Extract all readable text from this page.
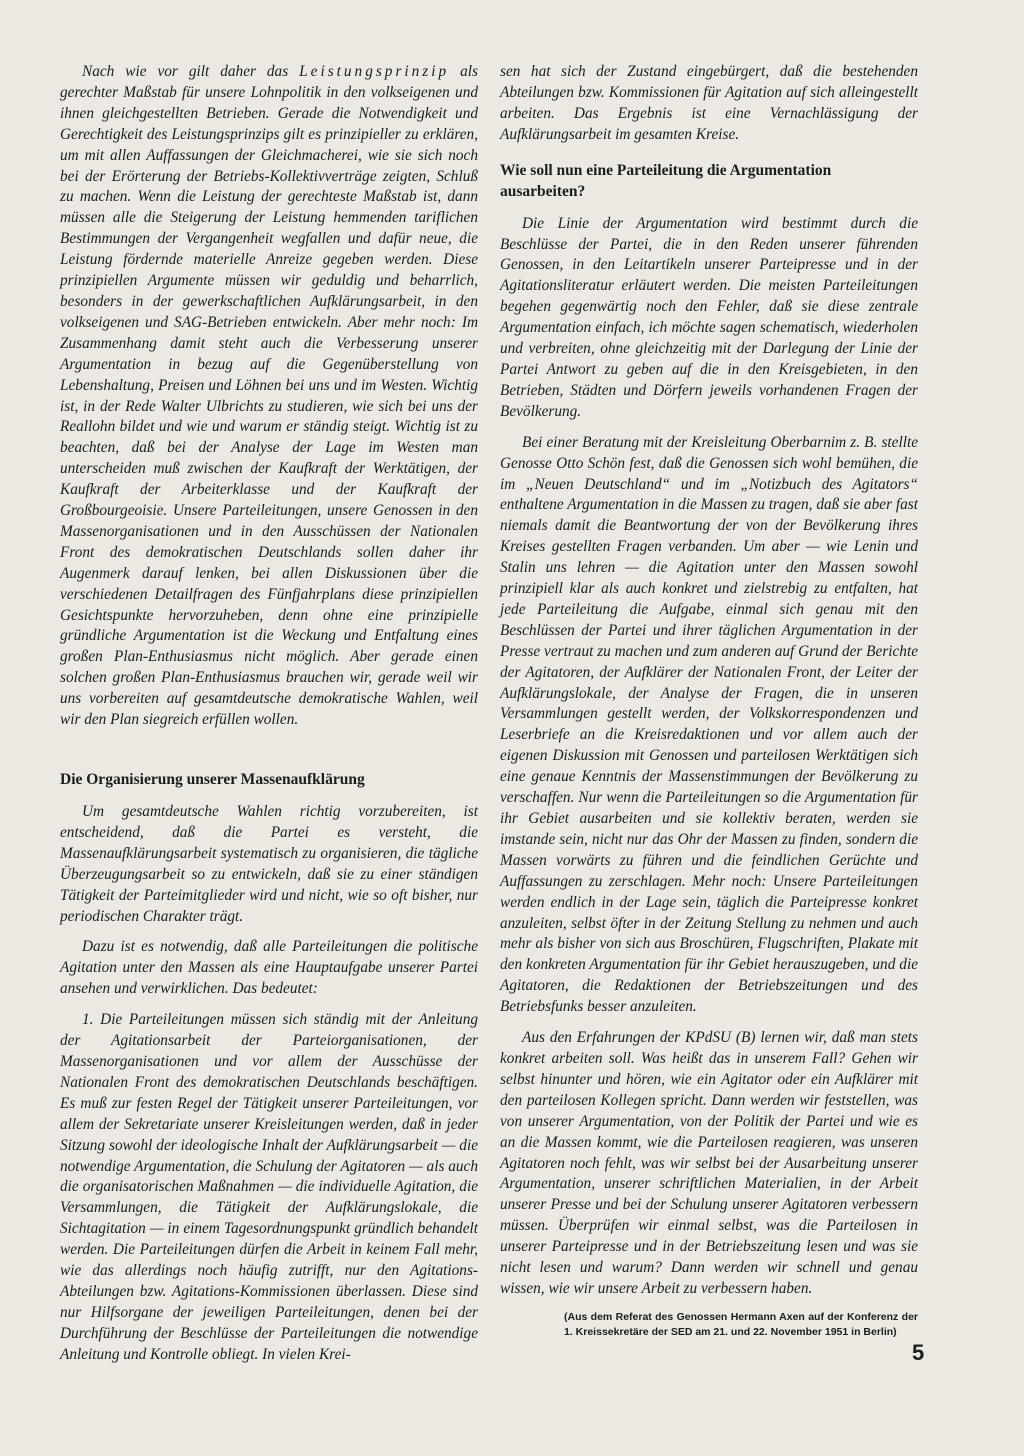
Nach wie vor gilt daher das Leistungsprinzip als gerechter Maßstab für unsere Lohnpolitik in den volkseigenen und ihnen gleichgestellten Betrieben. Gerade die Notwendigkeit und Gerechtigkeit des Leistungsprinzips gilt es prinzipieller zu erklären, um mit allen Auffassungen der Gleichmacherei, wie sie sich noch bei der Erörterung der Betriebs-Kollektivverträge zeigten, Schluß zu machen. Wenn die Leistung der gerechteste Maßstab ist, dann müssen alle die Steigerung der Leistung hemmenden tariflichen Bestimmungen der Vergangenheit wegfallen und dafür neue, die Leistung fördernde materielle Anreize gegeben werden. Diese prinzipiellen Argumente müssen wir geduldig und beharrlich, besonders in der gewerkschaftlichen Aufklärungsarbeit, in den volkseigenen und SAG-Betrieben entwickeln. Aber mehr noch: Im Zusammenhang damit steht auch die Verbesserung unserer Argumentation in bezug auf die Gegenüberstellung von Lebenshaltung, Preisen und Löhnen bei uns und im Westen. Wichtig ist, in der Rede Walter Ulbrichts zu studieren, wie sich bei uns der Reallohn bildet und wie und warum er ständig steigt. Wichtig ist zu beachten, daß bei der Analyse der Lage im Westen man unterscheiden muß zwischen der Kaufkraft der Werktätigen, der Kaufkraft der Arbeiterklasse und der Kaufkraft der Großbourgeoisie. Unsere Parteileitungen, unsere Genossen in den Massenorganisationen und in den Ausschüssen der Nationalen Front des demokratischen Deutschlands sollen daher ihr Augenmerk darauf lenken, bei allen Diskussionen über die verschiedenen Detailfragen des Fünfjahrplans diese prinzipiellen Gesichtspunkte hervorzuheben, denn ohne eine prinzipielle gründliche Argumentation ist die Weckung und Entfaltung eines großen Plan-Enthusiasmus nicht möglich. Aber gerade einen solchen großen Plan-Enthusiasmus brauchen wir, gerade weil wir uns vorbereiten auf gesamtdeutsche demokratische Wahlen, weil wir den Plan siegreich erfüllen wollen.

Die Organisierung unserer Massenaufklärung

Um gesamtdeutsche Wahlen richtig vorzubereiten, ist entscheidend, daß die Partei es versteht, die Massenaufklärungsarbeit systematisch zu organisieren, die tägliche Überzeugungsarbeit so zu entwickeln, daß sie zu einer ständigen Tätigkeit der Parteimitglieder wird und nicht, wie so oft bisher, nur periodischen Charakter trägt.

Dazu ist es notwendig, daß alle Parteileitungen die politische Agitation unter den Massen als eine Hauptaufgabe unserer Partei ansehen und verwirklichen. Das bedeutet:

1. Die Parteileitungen müssen sich ständig mit der Anleitung der Agitationsarbeit der Parteiorganisationen, der Massenorganisationen und vor allem der Ausschüsse der Nationalen Front des demokratischen Deutschlands beschäftigen. Es muß zur festen Regel der Tätigkeit unserer Parteileitungen, vor allem der Sekretariate unserer Kreisleitungen werden, daß in jeder Sitzung sowohl der ideologische Inhalt der Aufklärungsarbeit — die notwendige Argumentation, die Schulung der Agitatoren — als auch die organisatorischen Maßnahmen — die individuelle Agitation, die Versammlungen, die Tätigkeit der Aufklärungslokale, die Sichtagitation — in einem Tagesordnungspunkt gründlich behandelt werden. Die Parteileitungen dürfen die Arbeit in keinem Fall mehr, wie das allerdings noch häufig zutrifft, nur den Agitations-Abteilungen bzw. Agitations-Kommissionen überlassen. Diese sind nur Hilfsorgane der jeweiligen Parteileitungen, denen bei der Durchführung der Beschlüsse der Parteileitungen die notwendige Anleitung und Kontrolle obliegt. In vielen Krei-

sen hat sich der Zustand eingebürgert, daß die bestehenden Abteilungen bzw. Kommissionen für Agitation auf sich alleingestellt arbeiten. Das Ergebnis ist eine Vernachlässigung der Aufklärungsarbeit im gesamten Kreise.

Wie soll nun eine Parteileitung die Argumentation ausarbeiten?

Die Linie der Argumentation wird bestimmt durch die Beschlüsse der Partei, die in den Reden unserer führenden Genossen, in den Leitartikeln unserer Parteipresse und in der Agitationsliteratur erläutert werden. Die meisten Parteileitungen begehen gegenwärtig noch den Fehler, daß sie diese zentrale Argumentation einfach, ich möchte sagen schematisch, wiederholen und verbreiten, ohne gleichzeitig mit der Darlegung der Linie der Partei Antwort zu geben auf die in den Kreisgebieten, in den Betrieben, Städten und Dörfern jeweils vorhandenen Fragen der Bevölkerung.

Bei einer Beratung mit der Kreisleitung Oberbarnim z. B. stellte Genosse Otto Schön fest, daß die Genossen sich wohl bemühen, die im „Neuen Deutschland“ und im „Notizbuch des Agitators“ enthaltene Argumentation in die Massen zu tragen, daß sie aber fast niemals damit die Beantwortung der von der Bevölkerung ihres Kreises gestellten Fragen verbanden. Um aber — wie Lenin und Stalin uns lehren — die Agitation unter den Massen sowohl prinzipiell klar als auch konkret und zielstrebig zu entfalten, hat jede Parteileitung die Aufgabe, einmal sich genau mit den Beschlüssen der Partei und ihrer täglichen Argumentation in der Presse vertraut zu machen und zum anderen auf Grund der Berichte der Agitatoren, der Aufklärer der Nationalen Front, der Leiter der Aufklärungslokale, der Analyse der Fragen, die in unseren Versammlungen gestellt werden, der Volkskorrespondenzen und Leserbriefe an die Kreisredaktionen und vor allem auch der eigenen Diskussion mit Genossen und parteilosen Werktätigen sich eine genaue Kenntnis der Massenstimmungen der Bevölkerung zu verschaffen. Nur wenn die Parteileitungen so die Argumentation für ihr Gebiet ausarbeiten und sie kollektiv beraten, werden sie imstande sein, nicht nur das Ohr der Massen zu finden, sondern die Massen vorwärts zu führen und die feindlichen Gerüchte und Auffassungen zu zerschlagen. Mehr noch: Unsere Parteileitungen werden endlich in der Lage sein, täglich die Parteipresse konkret anzuleiten, selbst öfter in der Zeitung Stellung zu nehmen und auch mehr als bisher von sich aus Broschüren, Flugschriften, Plakate mit den konkreten Argumentation für ihr Gebiet herauszugeben, und die Agitatoren, die Redaktionen der Betriebszeitungen und des Betriebsfunks besser anzuleiten.

Aus den Erfahrungen der KPdSU (B) lernen wir, daß man stets konkret arbeiten soll. Was heißt das in unserem Fall? Gehen wir selbst hinunter und hören, wie ein Agitator oder ein Aufklärer mit den parteilosen Kollegen spricht. Dann werden wir feststellen, was von unserer Argumentation, von der Politik der Partei und wie es an die Massen kommt, wie die Parteilosen reagieren, was unseren Agitatoren noch fehlt, was wir selbst bei der Ausarbeitung unserer Argumentation, unserer schriftlichen Materialien, in der Arbeit unserer Presse und bei der Schulung unserer Agitatoren verbessern müssen. Überprüfen wir einmal selbst, was die Parteilosen in unserer Parteipresse und in der Betriebszeitung lesen und was sie nicht lesen und warum? Dann werden wir schnell und genau wissen, wie wir unsere Arbeit zu verbessern haben.

(Aus dem Referat des Genossen Hermann Axen auf der Konferenz der 1. Kreissekretäre der SED am 21. und 22. November 1951 in Berlin)
5
